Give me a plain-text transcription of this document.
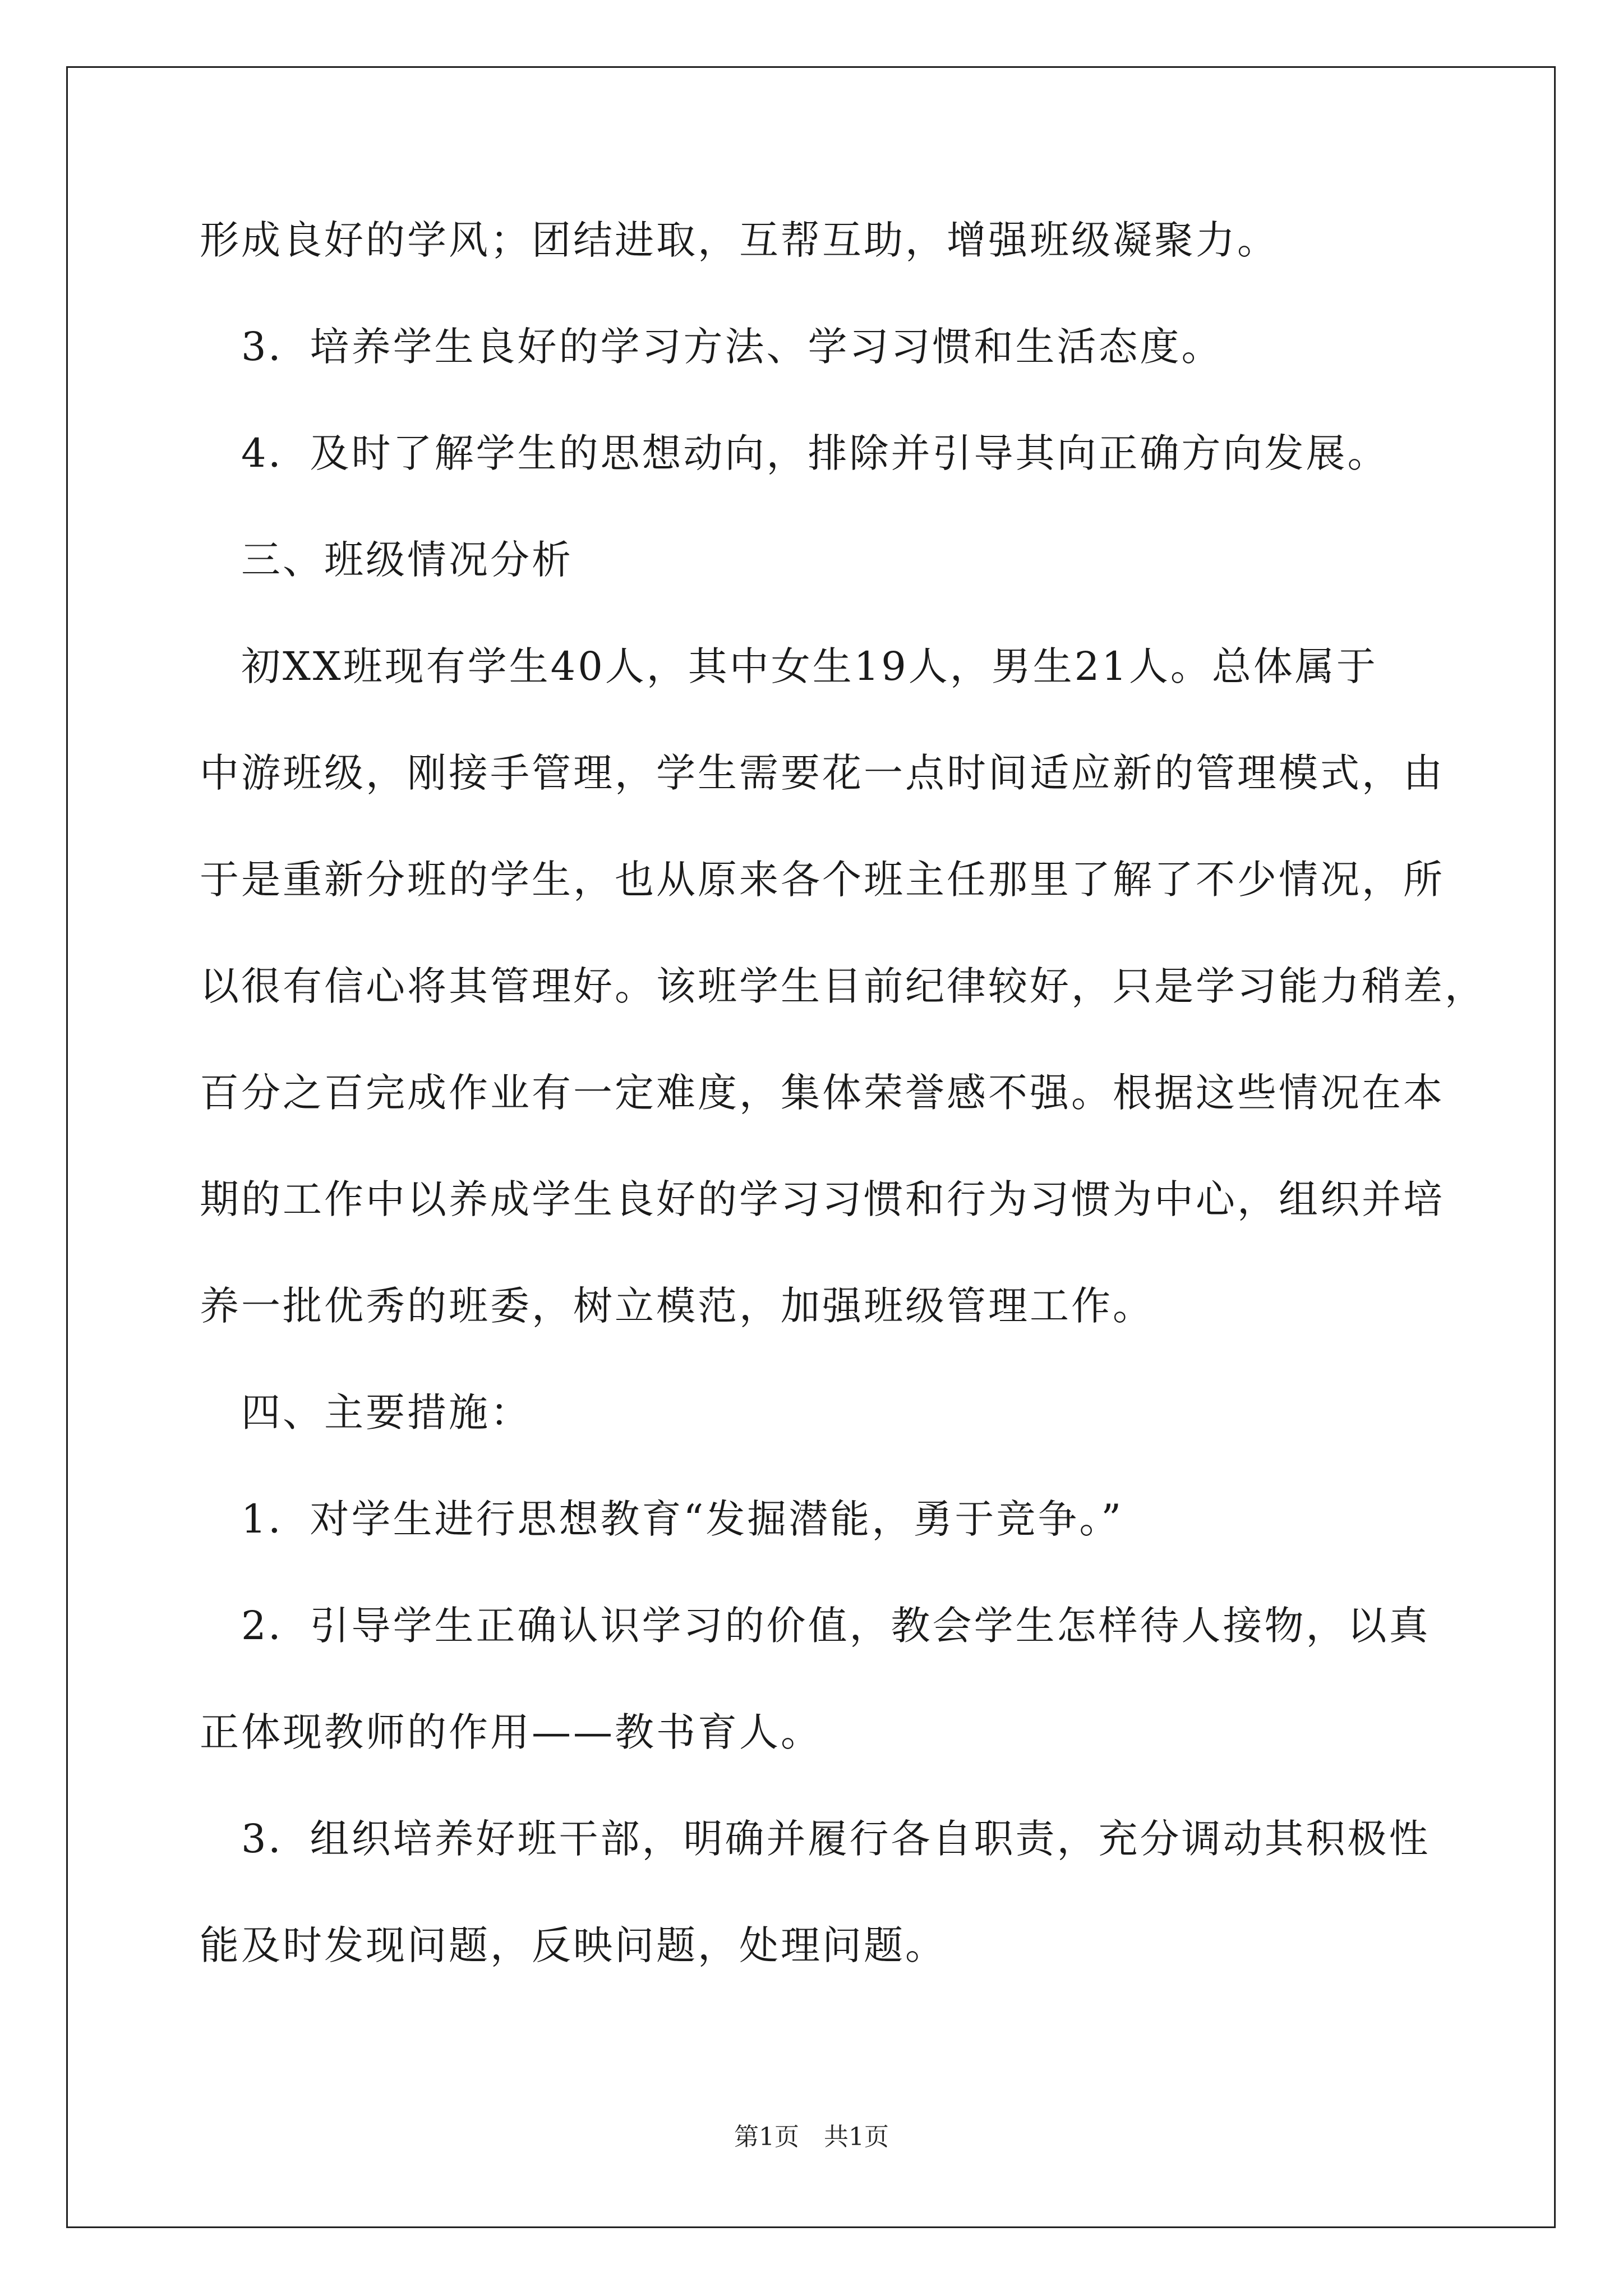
形成良好的学风；团结进取，互帮互助，增强班级凝聚力。
　3．培养学生良好的学习方法、学习习惯和生活态度。
　4．及时了解学生的思想动向，排除并引导其向正确方向发展。
　三、班级情况分析
　初XX班现有学生40人，其中女生19人，男生21人。总体属于
中游班级，刚接手管理，学生需要花一点时间适应新的管理模式，由
于是重新分班的学生，也从原来各个班主任那里了解了不少情况，所
以很有信心将其管理好。该班学生目前纪律较好，只是学习能力稍差，
百分之百完成作业有一定难度，集体荣誉感不强。根据这些情况在本
期的工作中以养成学生良好的学习习惯和行为习惯为中心，组织并培
养一批优秀的班委，树立模范，加强班级管理工作。
　四、主要措施：
　1．对学生进行思想教育“发掘潜能，勇于竞争。”
　2．引导学生正确认识学习的价值，教会学生怎样待人接物，以真
正体现教师的作用——教书育人。
　3．组织培养好班干部，明确并履行各自职责，充分调动其积极性
能及时发现问题，反映问题，处理问题。
第1页　共1页
